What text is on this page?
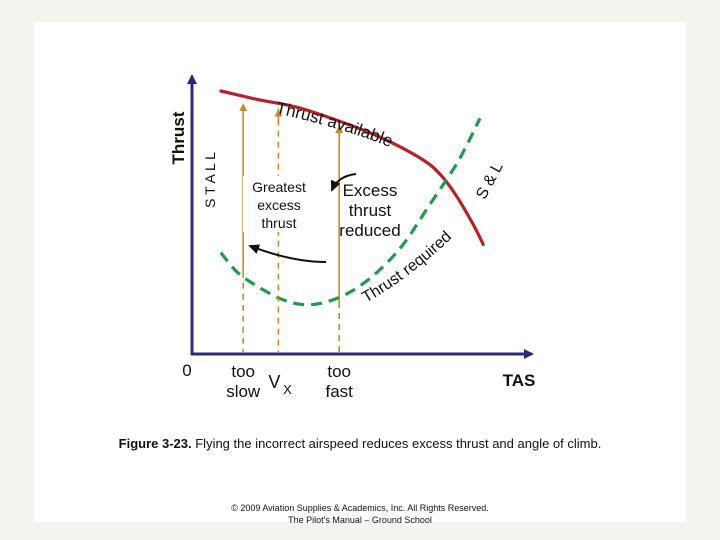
Thrust
TAS
0 too
slow V X
too
fast
S T A L L	S & L
Thrust available
Thrust required
Greatest
excess
thrust
Excess
thrust
reduced
Figure 3-23. Flying the incorrect airspeed reduces excess thrust and angle of climb.
© 2009 Aviation Supplies & Academics, Inc. All Rights Reserved.
The Pilot's Manual – Ground School
